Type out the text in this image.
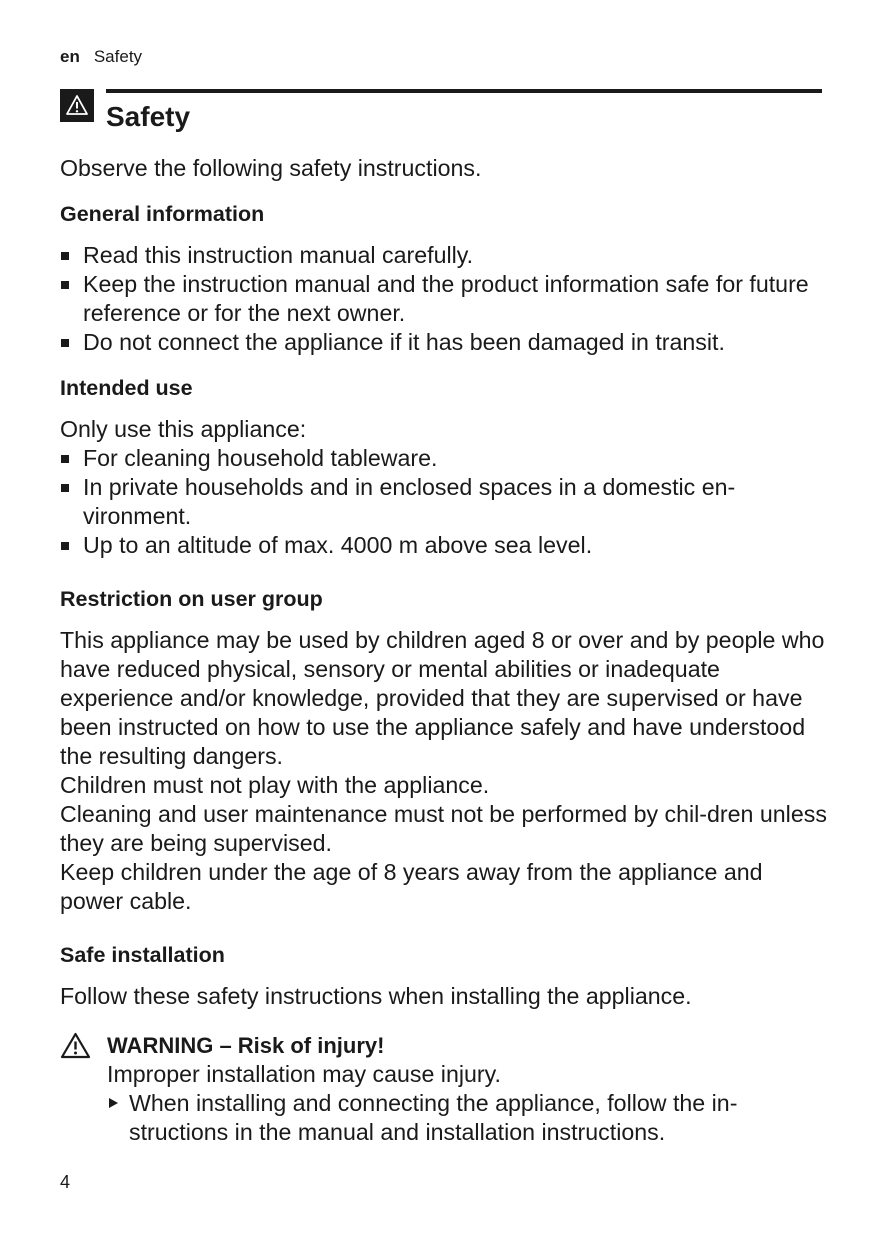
en Safety
Safety

Observe the following safety instructions.

General information
Read this instruction manual carefully.
Keep the instruction manual and the product information safe for future reference or for the next owner.
Do not connect the appliance if it has been damaged in transit.
Intended use

Only use this appliance:

For cleaning household tableware.
In private households and in enclosed spaces in a domestic en-vironment.
Up to an altitude of max. 4000 m above sea level.
Restriction on user group

This appliance may be used by children aged 8 or over and by people who have reduced physical, sensory or mental abilities or inadequate experience and/or knowledge, provided that they are supervised or have been instructed on how to use the appliance safely and have understood the resulting dangers.

Children must not play with the appliance.

Cleaning and user maintenance must not be performed by chil-dren unless they are being supervised.

Keep children under the age of 8 years away from the appliance and power cable.

Safe installation

Follow these safety instructions when installing the appliance.

WARNING – Risk of injury!

Improper installation may cause injury.

When installing and connecting the appliance, follow the in-structions in the manual and installation instructions.
4
